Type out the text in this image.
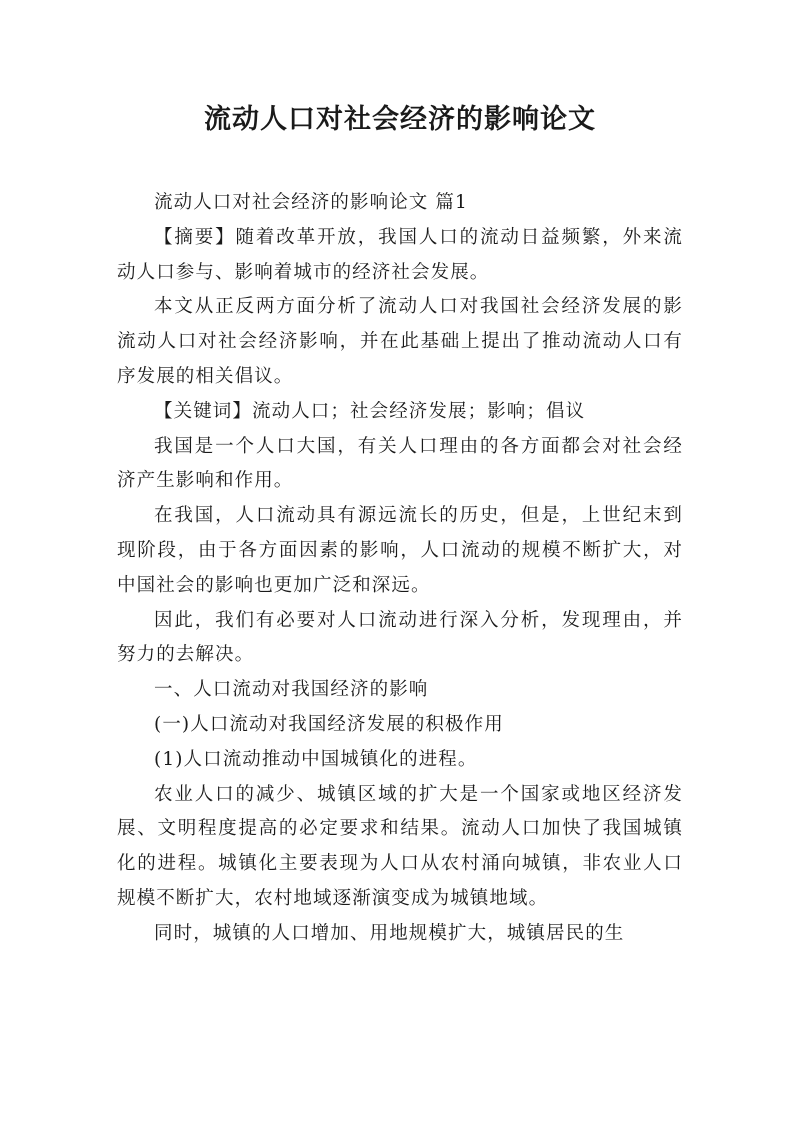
流动人口对社会经济的影响论文

流动人口对社会经济的影响论文 篇1

【摘要】随着改革开放，我国人口的流动日益频繁，外来流动人口参与、影响着城市的经济社会发展。

本文从正反两方面分析了流动人口对我国社会经济发展的影流动人口对社会经济影响，并在此基础上提出了推动流动人口有序发展的相关倡议。

【关键词】流动人口；社会经济发展；影响；倡议

我国是一个人口大国，有关人口理由的各方面都会对社会经济产生影响和作用。

在我国，人口流动具有源远流长的历史，但是，上世纪末到现阶段，由于各方面因素的影响，人口流动的规模不断扩大，对中国社会的影响也更加广泛和深远。

因此，我们有必要对人口流动进行深入分析，发现理由，并努力的去解决。

一、人口流动对我国经济的影响

(一)人口流动对我国经济发展的积极作用

(1)人口流动推动中国城镇化的进程。

农业人口的减少、城镇区域的扩大是一个国家或地区经济发展、文明程度提高的必定要求和结果。流动人口加快了我国城镇化的进程。城镇化主要表现为人口从农村涌向城镇，非农业人口规模不断扩大，农村地域逐渐演变成为城镇地域。

同时，城镇的人口增加、用地规模扩大，城镇居民的生
